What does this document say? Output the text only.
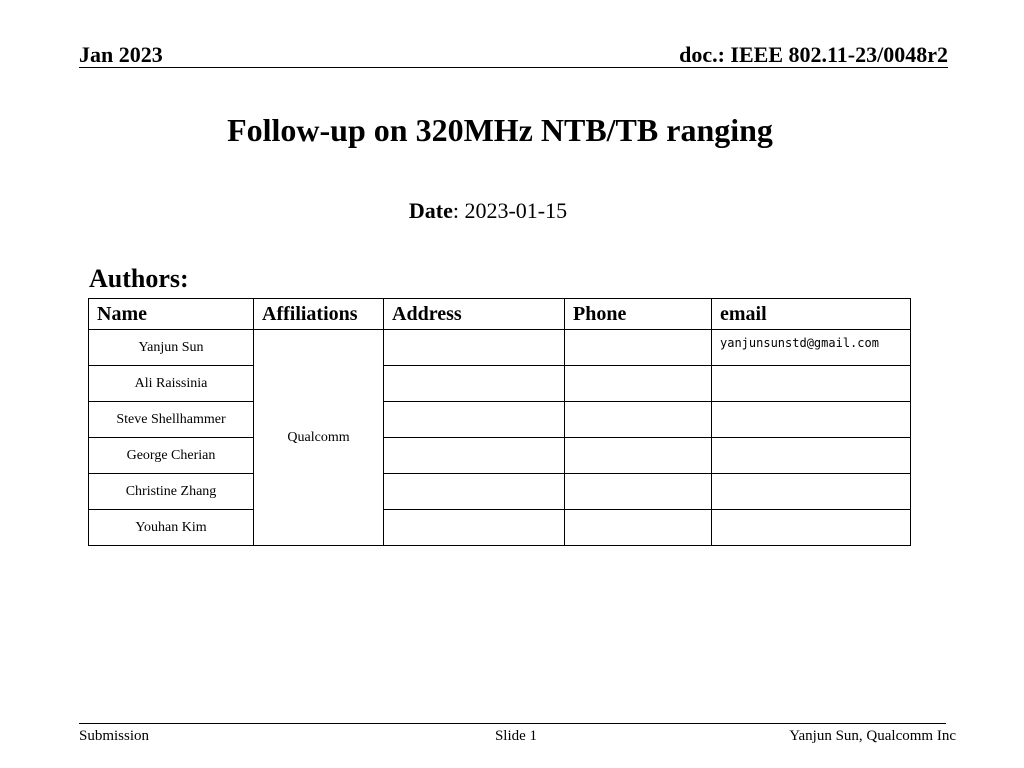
Jan 2023	doc.: IEEE 802.11-23/0048r2
Follow-up on 320MHz NTB/TB ranging
Date: 2023-01-15
Authors:
Name	Affiliations	Address	Phone	email
Yanjun Sun	Qualcomm			yanjunsunstd@gmail.com
Ali Raissinia				
Steve Shellhammer				
George Cherian				
Christine Zhang				
Youhan Kim				
Submission	Slide 1	Yanjun Sun, Qualcomm Inc
